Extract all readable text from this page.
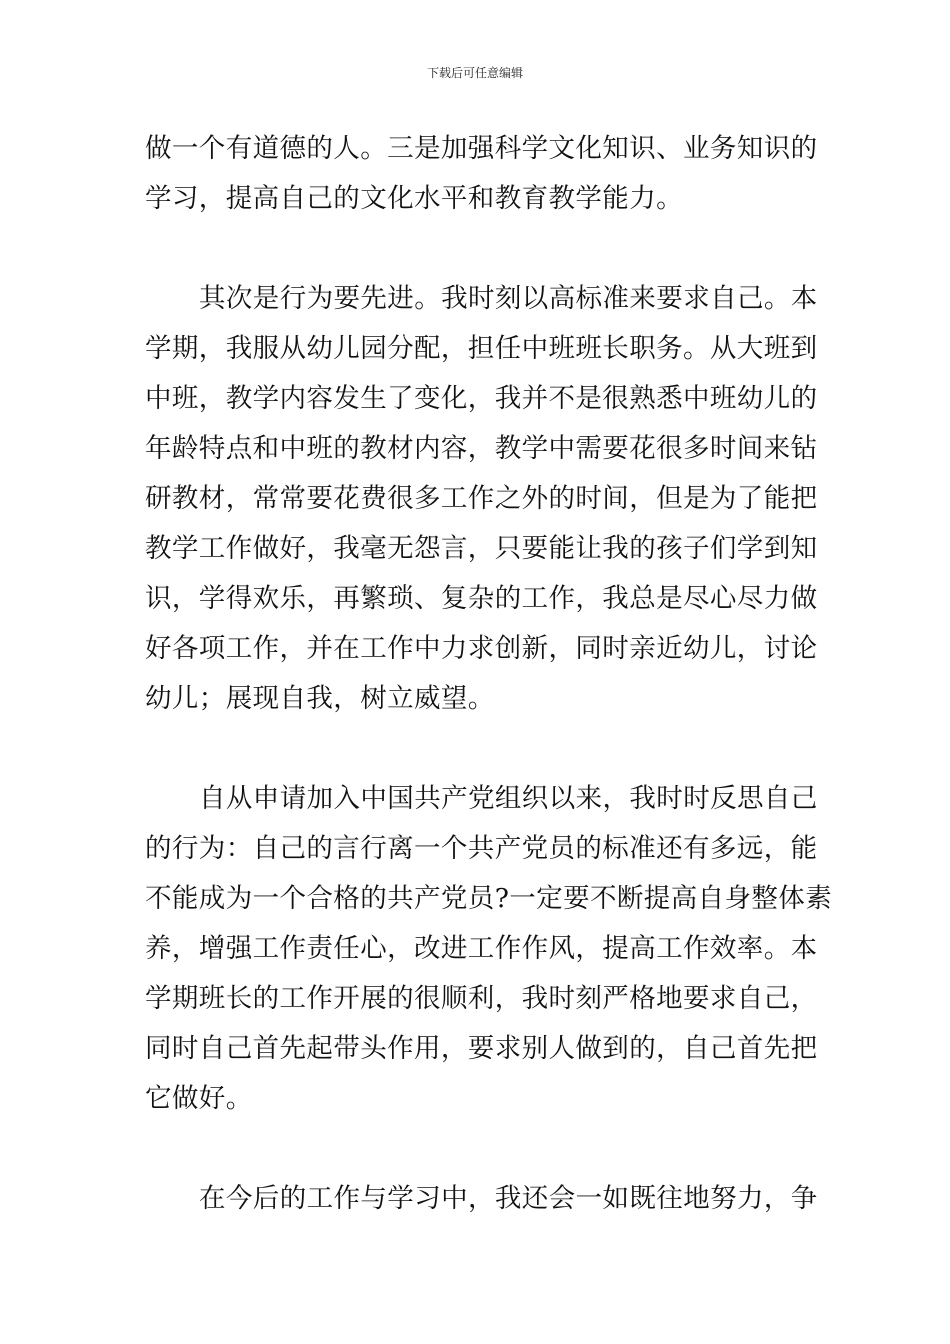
下载后可任意编辑
做一个有道德的人。三是加强科学文化知识、业务知识的
学习，提高自己的文化水平和教育教学能力。
其次是行为要先进。我时刻以高标准来要求自己。本
学期，我服从幼儿园分配，担任中班班长职务。从大班到
中班，教学内容发生了变化，我并不是很熟悉中班幼儿的
年龄特点和中班的教材内容，教学中需要花很多时间来钻
研教材，常常要花费很多工作之外的时间，但是为了能把
教学工作做好，我毫无怨言，只要能让我的孩子们学到知
识，学得欢乐，再繁琐、复杂的工作，我总是尽心尽力做
好各项工作，并在工作中力求创新，同时亲近幼儿，讨论
幼儿；展现自我，树立威望。
自从申请加入中国共产党组织以来，我时时反思自己
的行为：自己的言行离一个共产党员的标准还有多远，能
不能成为一个合格的共产党员?一定要不断提高自身整体素
养，增强工作责任心，改进工作作风，提高工作效率。本
学期班长的工作开展的很顺利，我时刻严格地要求自己，
同时自己首先起带头作用，要求别人做到的，自己首先把
它做好。
在今后的工作与学习中，我还会一如既往地努力，争
